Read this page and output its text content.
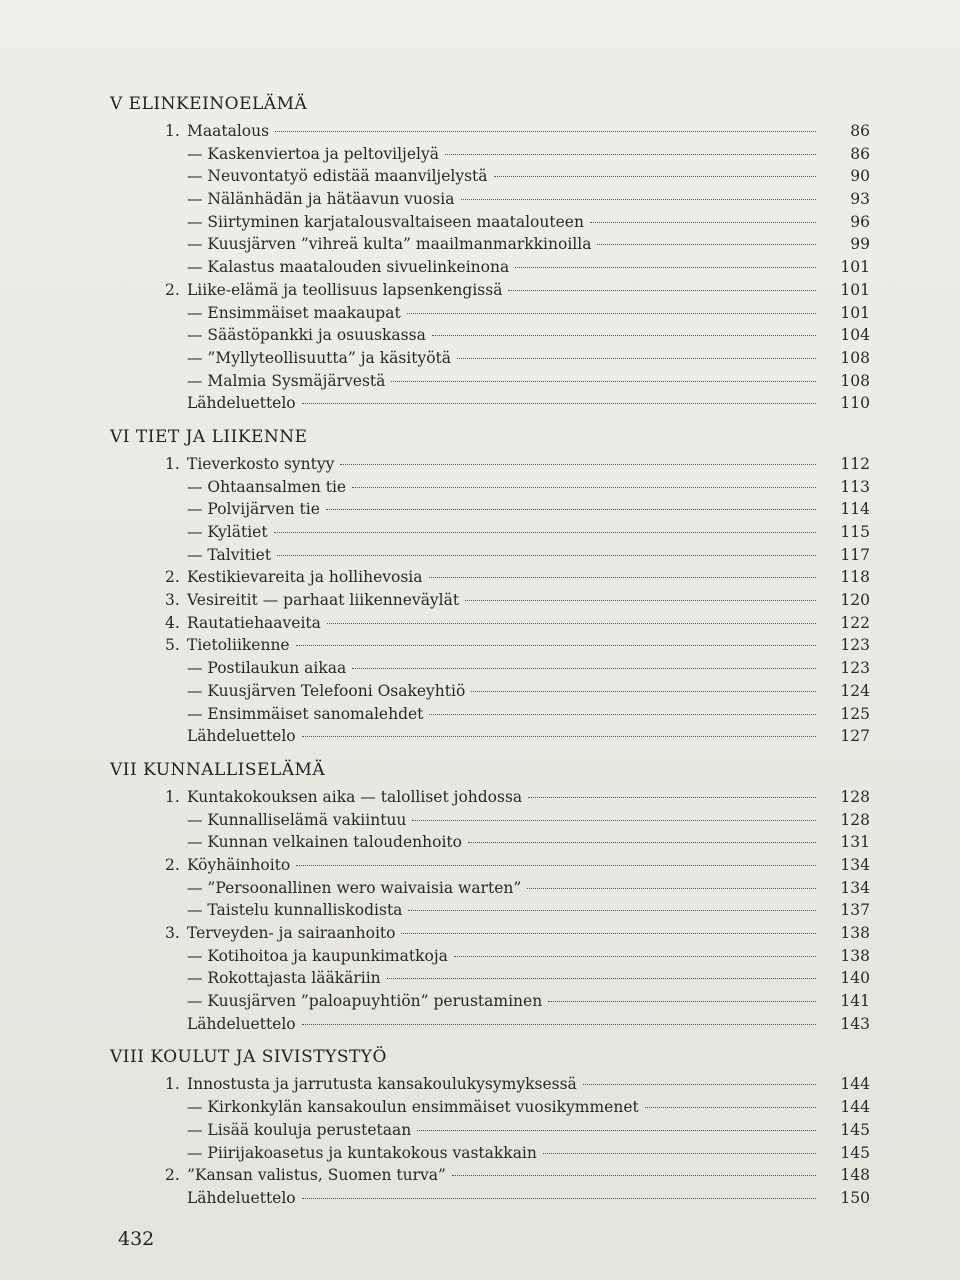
V ELINKEINOELÄMÄ
1. Maatalous	86
— Kaskenviertoa ja peltoviljelyä	86
— Neuvontatyö edistää maanviljelystä	90
— Nälänhädän ja hätäavun vuosia	93
— Siirtyminen karjatalousvaltaiseen maatalouteen	96
— Kuusjärven ”vihreä kulta” maailmanmarkkinoilla	99
— Kalastus maatalouden sivuelinkeinona	101
2. Liike-elämä ja teollisuus lapsenkengissä	101
— Ensimmäiset maakaupat	101
— Säästöpankki ja osuuskassa	104
— ”Myllyteollisuutta” ja käsityötä	108
— Malmia Sysmäjärvestä	108
Lähdeluettelo	110
VI TIET JA LIIKENNE
1. Tieverkosto syntyy	112
— Ohtaansalmen tie	113
— Polvijärven tie	114
— Kylätiet	115
— Talvitiet	117
2. Kestikievareita ja hollihevosia	118
3. Vesireitit — parhaat liikenneväylät	120
4. Rautatiehaaveita	122
5. Tietoliikenne	123
— Postilaukun aikaa	123
— Kuusjärven Telefooni Osakeyhtiö	124
— Ensimmäiset sanomalehdet	125
Lähdeluettelo	127
VII KUNNALLISELÄMÄ
1. Kuntakokouksen aika — talolliset johdossa	128
— Kunnalliselämä vakiintuu	128
— Kunnan velkainen taloudenhoito	131
2. Köyhäinhoito	134
— ”Persoonallinen wero waivaisia warten”	134
— Taistelu kunnalliskodista	137
3. Terveyden- ja sairaanhoito	138
— Kotihoitoa ja kaupunkimatkoja	138
— Rokottajasta lääkäriin	140
— Kuusjärven ”paloapuyhtiön” perustaminen	141
Lähdeluettelo	143
VIII KOULUT JA SIVISTYSTYÖ
1. Innostusta ja jarrutusta kansakoulukysymyksessä	144
— Kirkonkylän kansakoulun ensimmäiset vuosikymmenet	144
— Lisää kouluja perustetaan	145
— Piirijakoasetus ja kuntakokous vastakkain	145
2. ”Kansan valistus, Suomen turva”	148
Lähdeluettelo	150
432
